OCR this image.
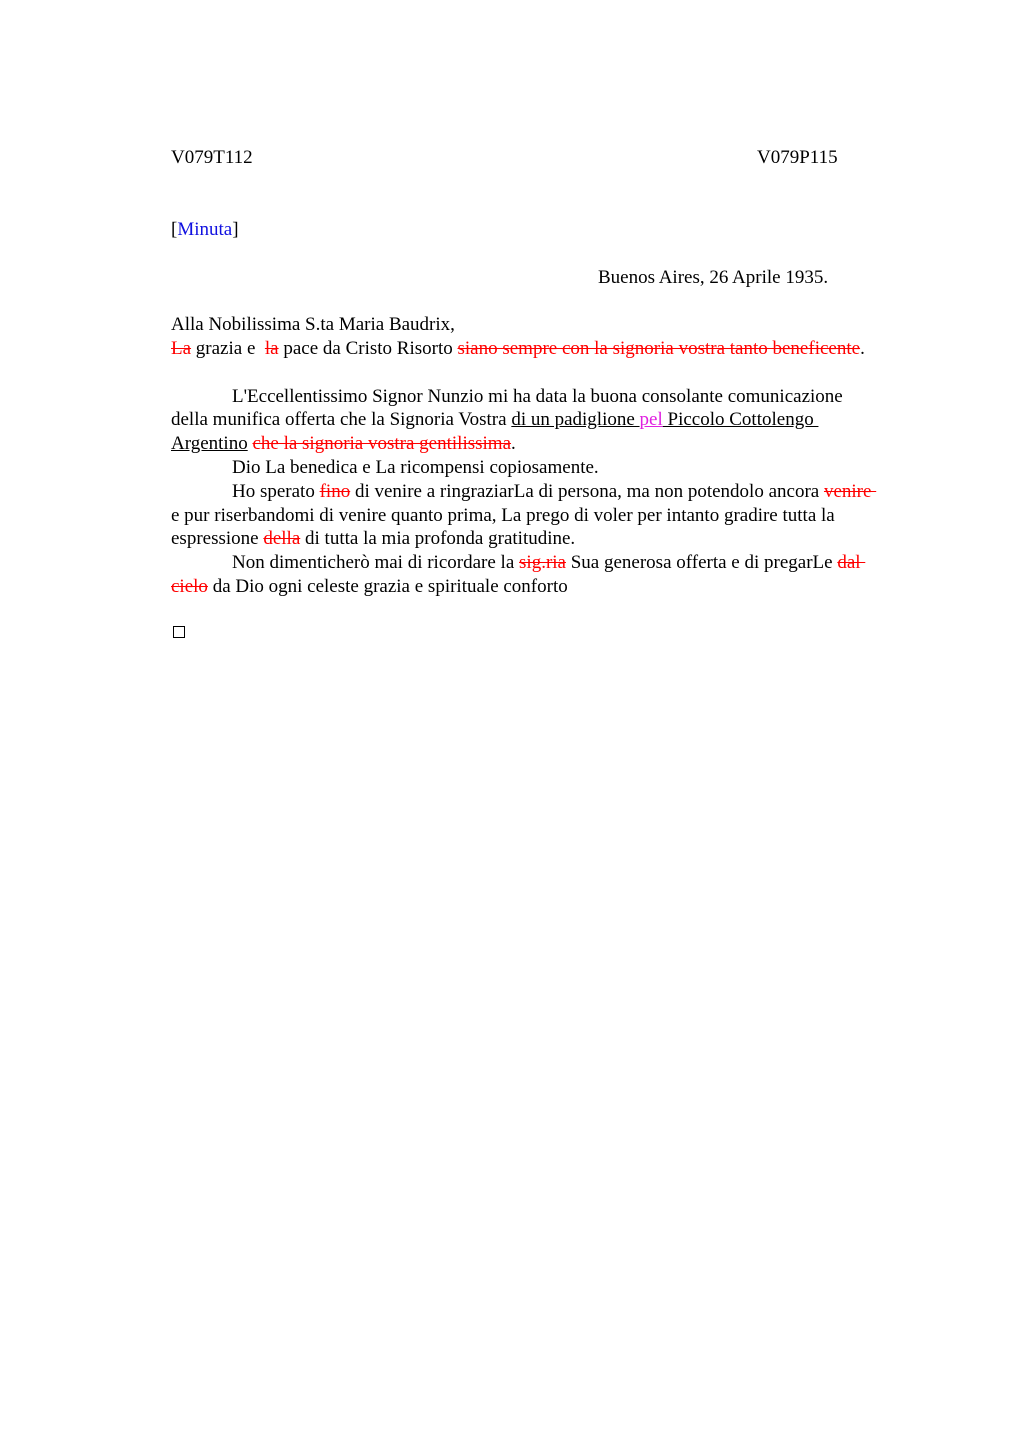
V079T112	V079P115
[Minuta]
Buenos Aires, 26 Aprile 1935.
Alla Nobilissima S.ta Maria Baudrix,
La grazia e  la pace da Cristo Risorto siano sempre con la signoria vostra tanto beneficente.
L'Eccellentissimo Signor Nunzio mi ha data la buona consolante comunicazione
della munifica offerta che la Signoria Vostra di un padiglione pel Piccolo Cottolengo
Argentino che la signoria vostra gentilissima.
Dio La benedica e La ricompensi copiosamente.
Ho sperato fino di venire a ringraziarLa di persona, ma non potendolo ancora venire
e pur riserbandomi di venire quanto prima, La prego di voler per intanto gradire tutta la
espressione della di tutta la mia profonda gratitudine.
Non dimenticherò mai di ricordare la sig.ria Sua generosa offerta e di pregarLe dal
cielo da Dio ogni celeste grazia e spirituale conforto
